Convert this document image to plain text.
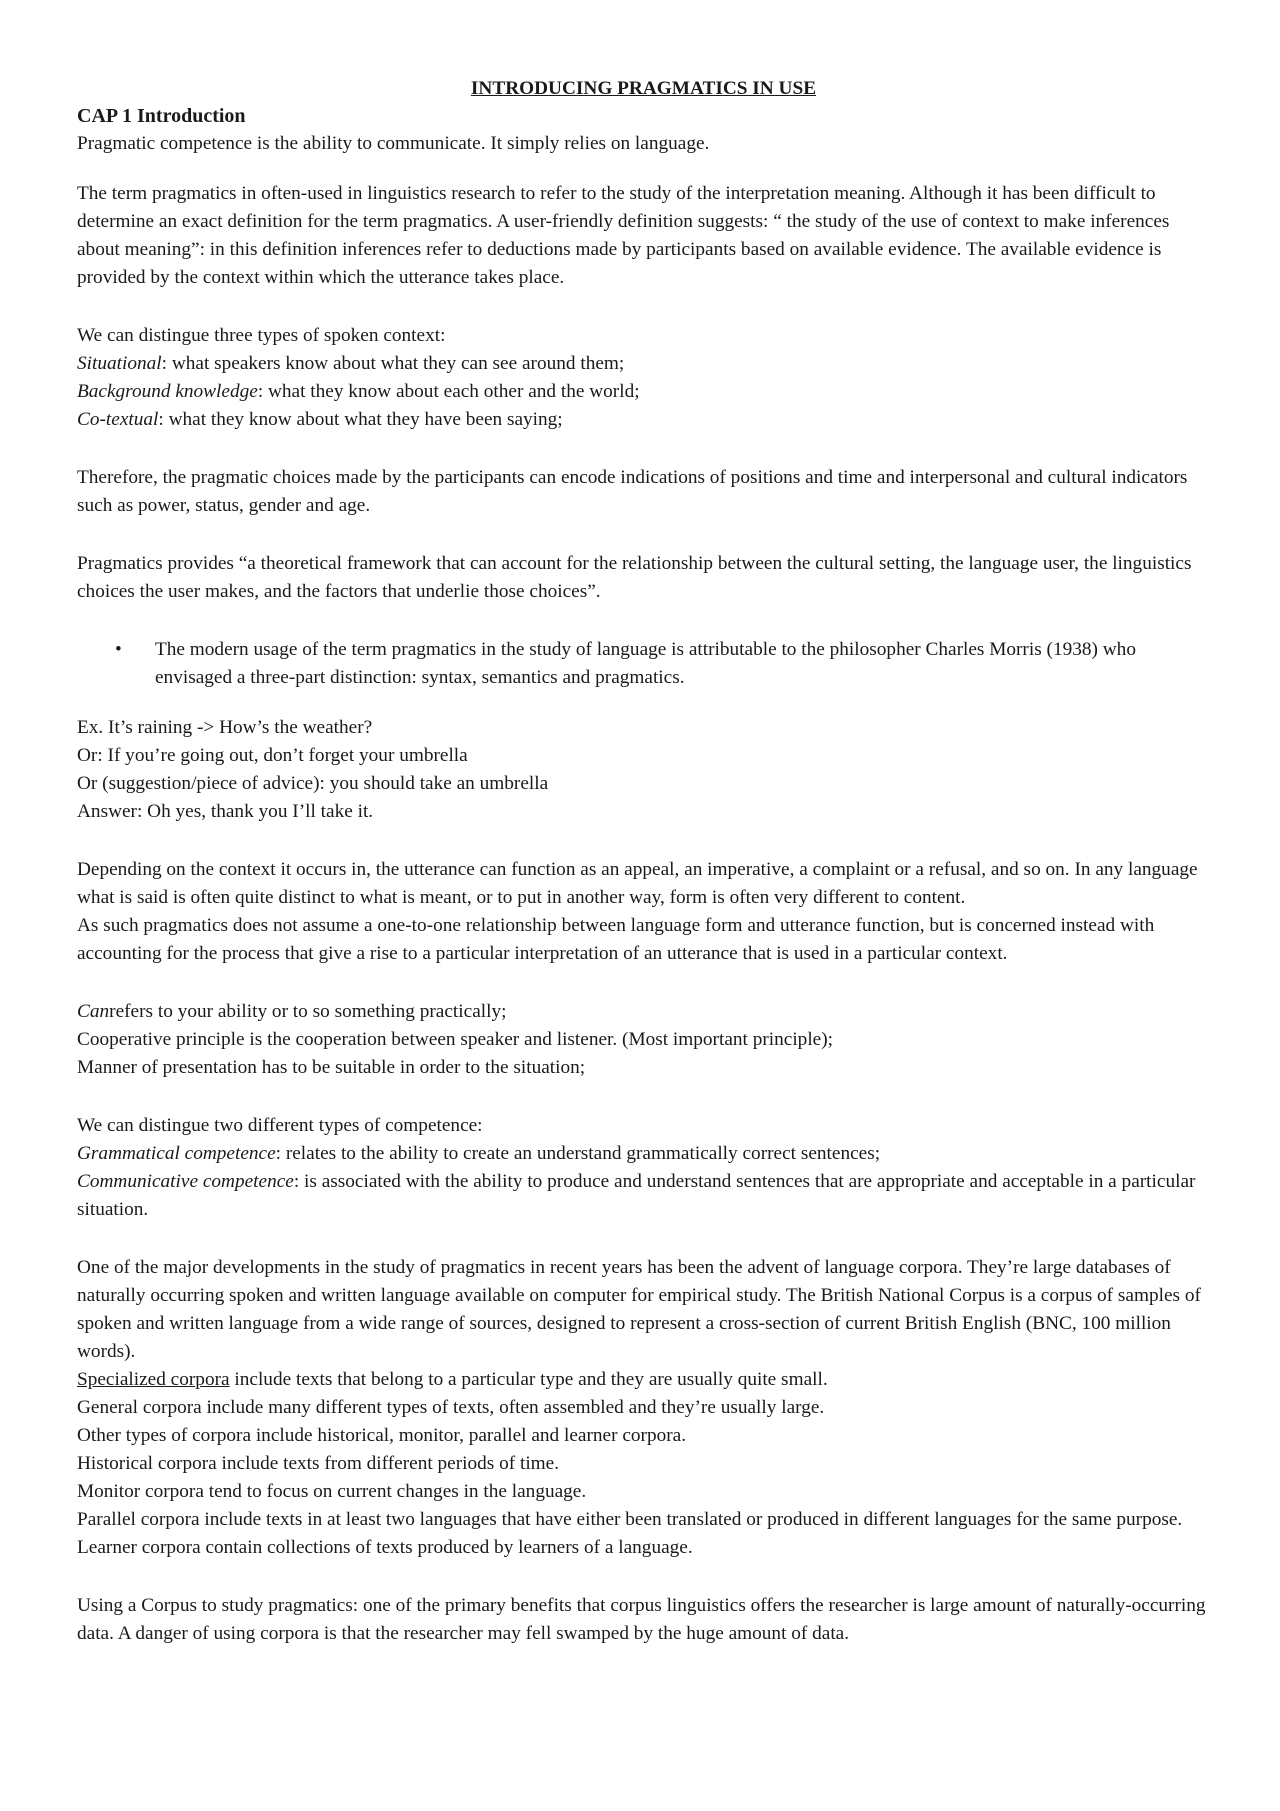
INTRODUCING PRAGMATICS IN USE

CAP 1 Introduction

Pragmatic competence is the ability to communicate. It simply relies on language.

The term pragmatics in often-used in linguistics research to refer to the study of the interpretation meaning. Although it has been difficult to determine an exact definition for the term pragmatics. A user-friendly definition suggests: “ the study of the use of context to make inferences about meaning”: in this definition inferences refer to deductions made by participants based on available evidence. The available evidence is provided by the context within which the utterance takes place.

We can distingue three types of spoken context:

Situational: what speakers know about what they can see around them;

Background knowledge: what they know about each other and the world;

Co-textual: what they know about what they have been saying;

Therefore, the pragmatic choices made by the participants can encode indications of positions and time and interpersonal and cultural indicators such as power, status, gender and age.

Pragmatics provides “a theoretical framework that can account for the relationship between the cultural setting, the language user, the linguistics choices the user makes, and the factors that underlie those choices”.

• The modern usage of the term pragmatics in the study of language is attributable to the philosopher Charles Morris (1938) who envisaged a three-part distinction: syntax, semantics and pragmatics.

Ex. It’s raining -> How’s the weather?

Or: If you’re going out, don’t forget your umbrella

Or (suggestion/piece of advice): you should take an umbrella

Answer: Oh yes, thank you I’ll take it.

Depending on the context it occurs in, the utterance can function as an appeal, an imperative, a complaint or a refusal, and so on. In any language what is said is often quite distinct to what is meant, or to put in another way, form is often very different to content.

As such pragmatics does not assume a one-to-one relationship between language form and utterance function, but is concerned instead with accounting for the process that give a rise to a particular interpretation of an utterance that is used in a particular context.

Canrefers to your ability or to so something practically;

Cooperative principle is the cooperation between speaker and listener. (Most important principle);

Manner of presentation has to be suitable in order to the situation;

We can distingue two different types of competence:

Grammatical competence: relates to the ability to create an understand grammatically correct sentences;

Communicative competence: is associated with the ability to produce and understand sentences that are appropriate and acceptable in a particular situation.

One of the major developments in the study of pragmatics in recent years has been the advent of language corpora. They’re large databases of naturally occurring spoken and written language available on computer for empirical study. The British National Corpus is a corpus of samples of spoken and written language from a wide range of sources, designed to represent a cross-section of current British English (BNC, 100 million words).

Specialized corpora include texts that belong to a particular type and they are usually quite small.

General corpora include many different types of texts, often assembled and they’re usually large.

Other types of corpora include historical, monitor, parallel and learner corpora.

Historical corpora include texts from different periods of time.

Monitor corpora tend to focus on current changes in the language.

Parallel corpora include texts in at least two languages that have either been translated or produced in different languages for the same purpose.

Learner corpora contain collections of texts produced by learners of a language.

Using a Corpus to study pragmatics: one of the primary benefits that corpus linguistics offers the researcher is large amount of naturally-occurring data. A danger of using corpora is that the researcher may fell swamped by the huge amount of data.
